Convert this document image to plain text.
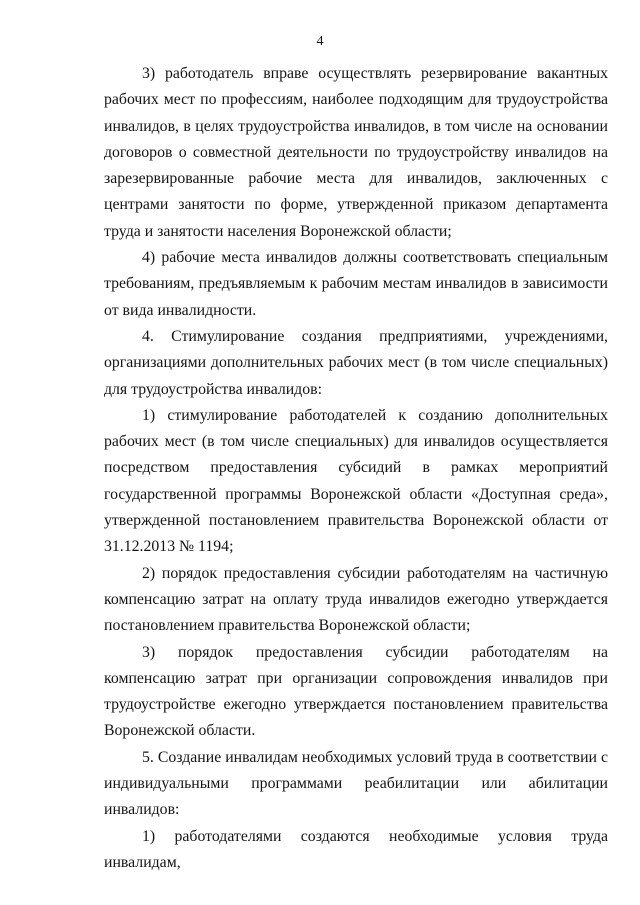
4

3) работодатель вправе осуществлять резервирование вакантных рабочих мест по профессиям, наиболее подходящим для трудоустройства инвалидов, в целях трудоустройства инвалидов, в том числе на основании договоров о совместной деятельности по трудоустройству инвалидов на зарезервированные рабочие места для инвалидов, заключенных с центрами занятости по форме, утвержденной приказом департамента труда и занятости населения Воронежской области;

4) рабочие места инвалидов должны соответствовать специальным требованиям, предъявляемым к рабочим местам инвалидов в зависимости от вида инвалидности.

4. Стимулирование создания предприятиями, учреждениями, организациями дополнительных рабочих мест (в том числе специальных) для трудоустройства инвалидов:

1) стимулирование работодателей к созданию дополнительных рабочих мест (в том числе специальных) для инвалидов осуществляется посредством предоставления субсидий в рамках мероприятий государственной программы Воронежской области «Доступная среда», утвержденной постановлением правительства Воронежской области от 31.12.2013 № 1194;

2) порядок предоставления субсидии работодателям на частичную компенсацию затрат на оплату труда инвалидов ежегодно утверждается постановлением правительства Воронежской области;

3) порядок предоставления субсидии работодателям на компенсацию затрат при организации сопровождения инвалидов при трудоустройстве ежегодно утверждается постановлением правительства Воронежской области.

5. Создание инвалидам необходимых условий труда в соответствии с индивидуальными программами реабилитации или абилитации инвалидов:

1) работодателями создаются необходимые условия труда инвалидам,
